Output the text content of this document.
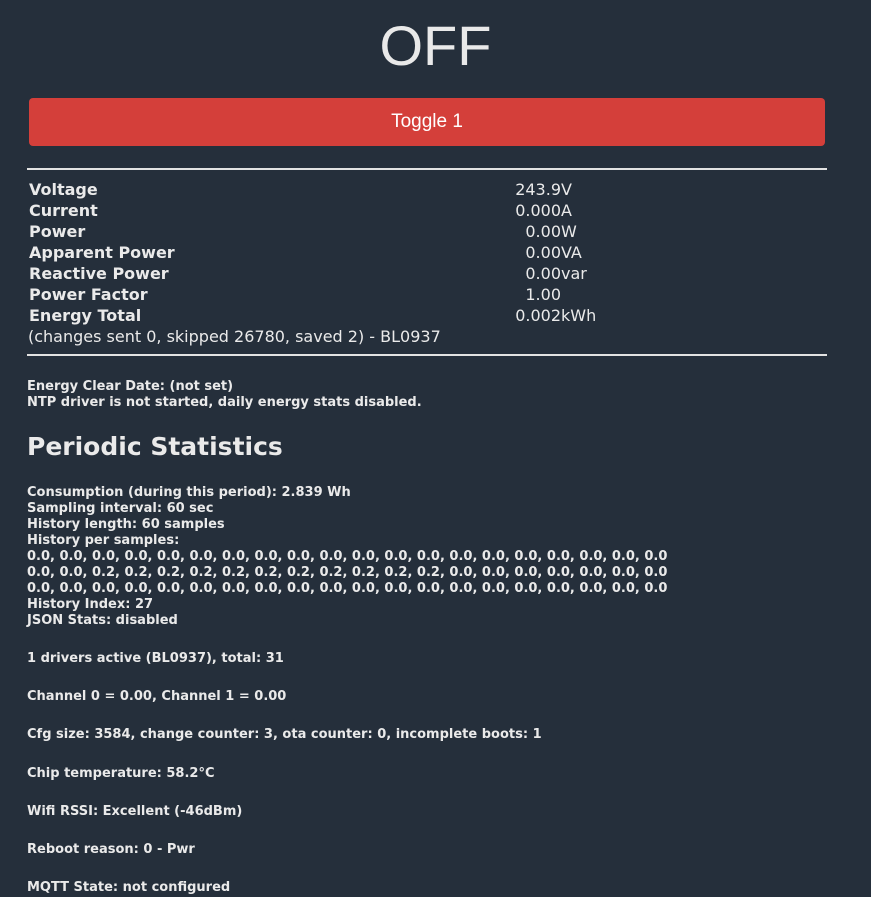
OFF
Toggle 1
Voltage	243.9 V
Current	0.000 A
Power	0.00 W
Apparent Power	0.00 VA
Reactive Power	0.00 var
Power Factor	1.00
Energy Total	0.002 kWh
(changes sent 0, skipped 26780, saved 2) - BL0937
Energy Clear Date: (not set)
NTP driver is not started, daily energy stats disabled.
Periodic Statistics
Consumption (during this period): 2.839 Wh
Sampling interval: 60 sec
History length: 60 samples
History per samples:
0.0, 0.0, 0.0, 0.0, 0.0, 0.0, 0.0, 0.0, 0.0, 0.0, 0.0, 0.0, 0.0, 0.0, 0.0, 0.0, 0.0, 0.0, 0.0, 0.0
0.0, 0.0, 0.2, 0.2, 0.2, 0.2, 0.2, 0.2, 0.2, 0.2, 0.2, 0.2, 0.2, 0.0, 0.0, 0.0, 0.0, 0.0, 0.0, 0.0
0.0, 0.0, 0.0, 0.0, 0.0, 0.0, 0.0, 0.0, 0.0, 0.0, 0.0, 0.0, 0.0, 0.0, 0.0, 0.0, 0.0, 0.0, 0.0, 0.0
History Index: 27
JSON Stats: disabled
1 drivers active (BL0937), total: 31
Channel 0 = 0.00, Channel 1 = 0.00
Cfg size: 3584, change counter: 3, ota counter: 0, incomplete boots: 1
Chip temperature: 58.2°C
Wifi RSSI: Excellent (-46dBm)
Reboot reason: 0 - Pwr
MQTT State: not configured
